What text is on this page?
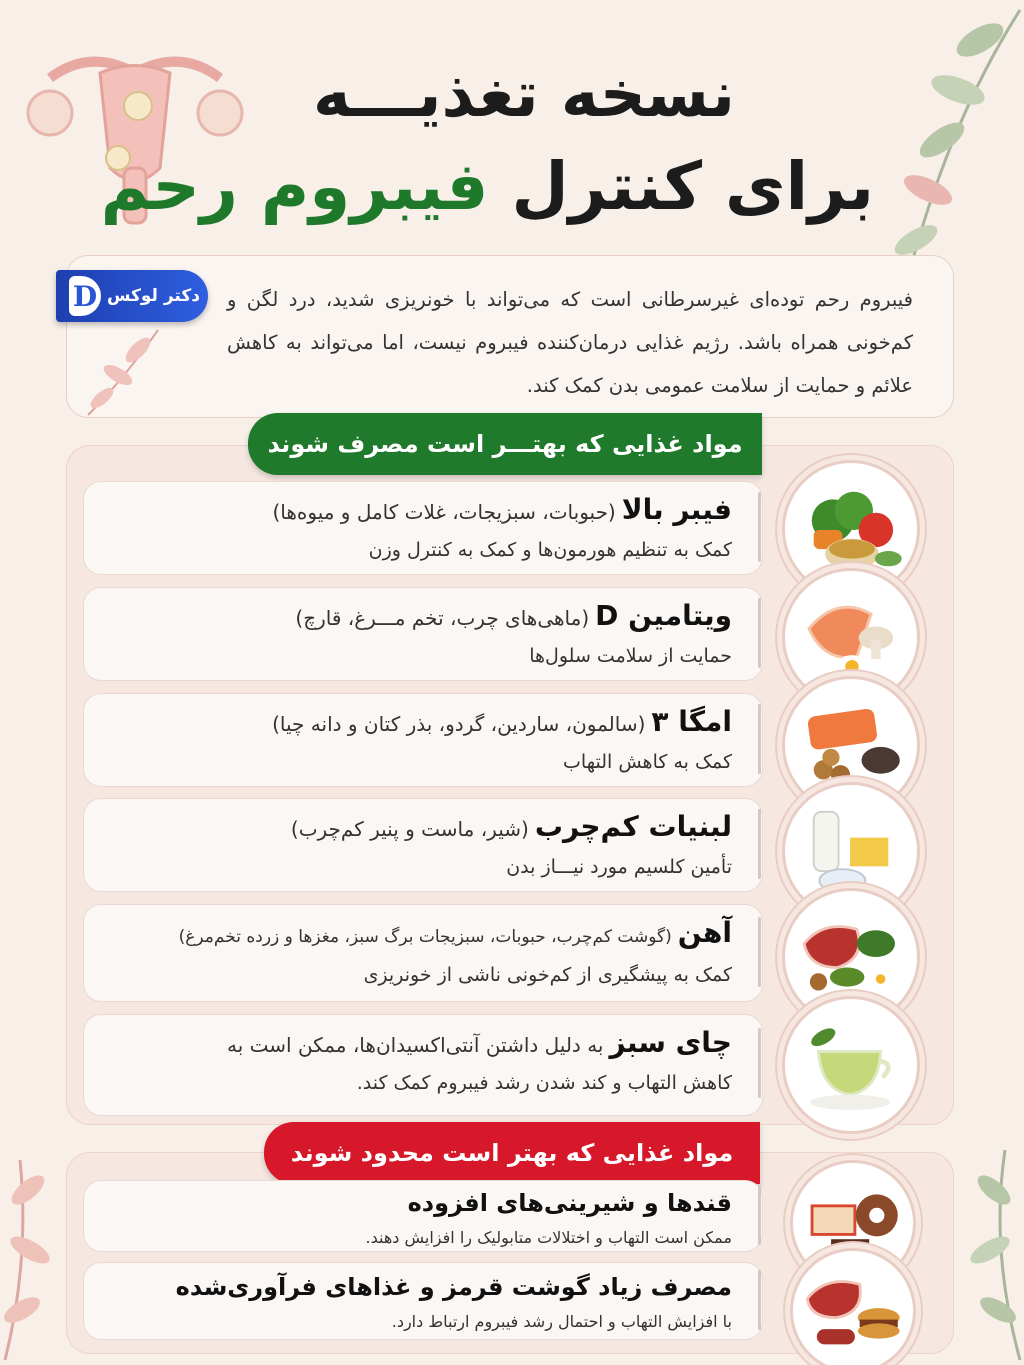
نسخه تغذیـــه
برای کنترل فیبروم رحم

فیبروم رحم توده‌ای غیرسرطانی است که می‌تواند با خونریزی شدید، درد لگن و کم‌خونی همراه باشد. رژیم غذایی درمان‌کننده فیبروم نیست، اما می‌تواند به کاهش علائم و حمایت از سلامت عمومی بدن کمک کند.

D دکتر لوکس
مواد غذایی که بهتـــر است مصرف شوند
فیبر بالا(حبوبات، سبزیجات، غلات کامل و میوه‌ها)
کمک به تنظیم هورمون‌ها و کمک به کنترل وزن
ویتامین D(ماهی‌های چرب، تخم مـــرغ، قارچ)
حمایت از سلامت سلول‌ها
امگا ۳(سالمون، ساردین، گردو، بذر کتان و دانه چیا)
کمک به کاهش التهاب
لبنیات کم‌چرب(شیر، ماست و پنیر کم‌چرب)
تأمین کلسیم مورد نیـــاز بدن
آهن(گوشت کم‌چرب، حبوبات، سبزیجات برگ سبز، مغزها و زرده تخم‌مرغ)
کمک به پیشگیری از کم‌خونی ناشی از خونریزی
چای سبزبه دلیل داشتن آنتی‌اکسیدان‌ها، ممکن است به
کاهش التهاب و کند شدن رشد فیبروم کمک کند.
مواد غذایی که بهتر است محدود شوند
قندها و شیرینی‌های افزوده
ممکن است التهاب و اختلالات متابولیک را افزایش دهند.
مصرف زیاد گوشت قرمز و غذاهای فرآوری‌شده
با افزایش التهاب و احتمال رشد فیبروم ارتباط دارد.
